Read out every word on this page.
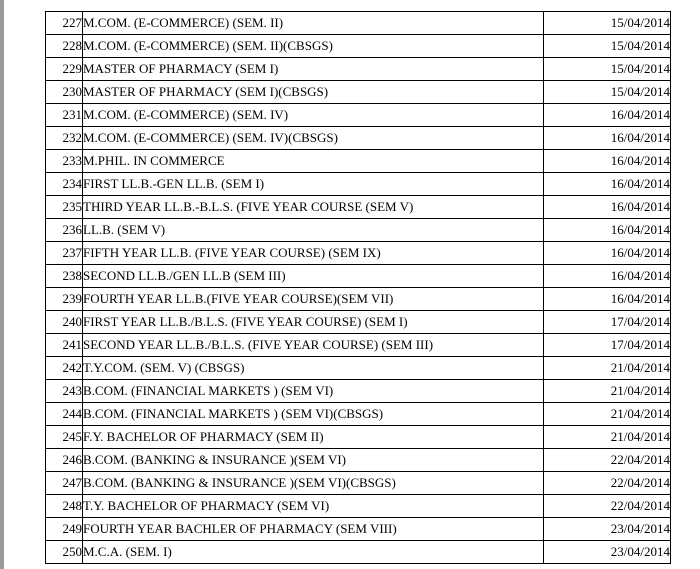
227	M.COM. (E-COMMERCE) (SEM. II)	15/04/2014
228	M.COM. (E-COMMERCE) (SEM. II)(CBSGS)	15/04/2014
229	MASTER OF PHARMACY (SEM I)	15/04/2014
230	MASTER OF PHARMACY (SEM I)(CBSGS)	15/04/2014
231	M.COM. (E-COMMERCE) (SEM. IV)	16/04/2014
232	M.COM. (E-COMMERCE) (SEM. IV)(CBSGS)	16/04/2014
233	M.PHIL. IN COMMERCE	16/04/2014
234	FIRST LL.B.-GEN LL.B. (SEM I)	16/04/2014
235	THIRD YEAR LL.B.-B.L.S. (FIVE YEAR COURSE (SEM V)	16/04/2014
236	LL.B. (SEM V)	16/04/2014
237	FIFTH YEAR LL.B. (FIVE YEAR COURSE) (SEM IX)	16/04/2014
238	SECOND LL.B./GEN LL.B (SEM III)	16/04/2014
239	FOURTH YEAR LL.B.(FIVE YEAR COURSE)(SEM VII)	16/04/2014
240	FIRST YEAR LL.B./B.L.S. (FIVE YEAR COURSE) (SEM I)	17/04/2014
241	SECOND YEAR LL.B./B.L.S. (FIVE YEAR COURSE) (SEM III)	17/04/2014
242	T.Y.COM. (SEM. V) (CBSGS)	21/04/2014
243	B.COM. (FINANCIAL MARKETS ) (SEM VI)	21/04/2014
244	B.COM. (FINANCIAL MARKETS ) (SEM VI)(CBSGS)	21/04/2014
245	F.Y. BACHELOR OF PHARMACY (SEM II)	21/04/2014
246	B.COM. (BANKING & INSURANCE )(SEM VI)	22/04/2014
247	B.COM. (BANKING & INSURANCE )(SEM VI)(CBSGS)	22/04/2014
248	T.Y. BACHELOR OF PHARMACY (SEM VI)	22/04/2014
249	FOURTH YEAR BACHLER OF PHARMACY (SEM VIII)	23/04/2014
250	M.C.A. (SEM. I)	23/04/2014
